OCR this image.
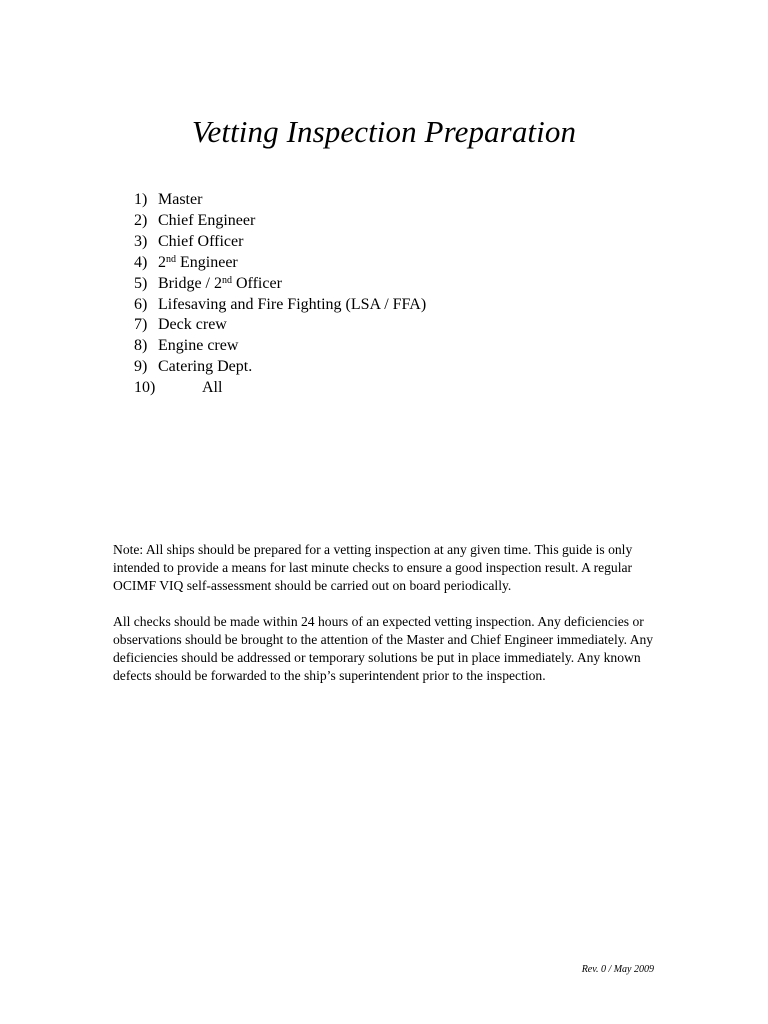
Vetting Inspection Preparation
1) Master
2) Chief Engineer
3) Chief Officer
4) 2nd Engineer
5) Bridge / 2nd Officer
6) Lifesaving and Fire Fighting (LSA / FFA)
7) Deck crew
8) Engine crew
9) Catering Dept.
10)	All

Note: All ships should be prepared for a vetting inspection at any given time. This guide is only intended to provide a means for last minute checks to ensure a good inspection result. A regular OCIMF VIQ self-assessment should be carried out on board periodically.

All checks should be made within 24 hours of an expected vetting inspection. Any deficiencies or observations should be brought to the attention of the Master and Chief Engineer immediately. Any deficiencies should be addressed or temporary solutions be put in place immediately. Any known defects should be forwarded to the ship’s superintendent prior to the inspection.

Rev. 0 / May 2009
